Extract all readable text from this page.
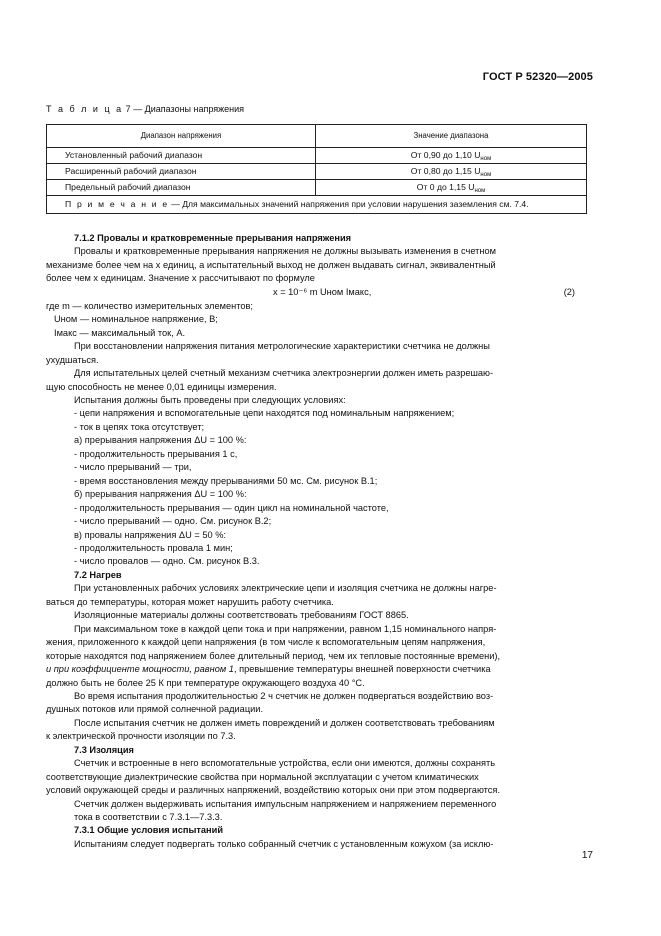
ГОСТ Р 52320—2005
Т а б л и ц а 7 — Диапазоны напряжения
Диапазон напряжения	Значение диапазона
Установленный рабочий диапазон	От 0,90 до 1,10 $U_{ном}$
Расширенный рабочий диапазон	От 0,80 до 1,15 $U_{ном}$
Предельный рабочий диапазон	От 0 до 1,15 $U_{ном}$
П р и м е ч а н и е — Для максимальных значений напряжения при условии нарушения заземления см. 7.4.	

7.1.2 Провалы и кратковременные прерывания напряжения

Провалы и кратковременные прерывания напряжения не должны вызывать изменения в счетном

механизме более чем на x единиц, а испытательный выход не должен выдавать сигнал, эквивалентный

более чем x единицам. Значение x рассчитывают по формуле

x = 10⁻⁶ m Uном Iмакс,	(2)

где m — количество измерительных элементов;

Uном — номинальное напряжение, В;

Iмакс — максимальный ток, А.

При восстановлении напряжения питания метрологические характеристики счетчика не должны

ухудшаться.

Для испытательных целей счетный механизм счетчика электроэнергии должен иметь разрешаю-

щую способность не менее 0,01 единицы измерения.

Испытания должны быть проведены при следующих условиях:

- цепи напряжения и вспомогательные цепи находятся под номинальным напряжением;

- ток в цепях тока отсутствует;

а) прерывания напряжения ΔU = 100 %:

- продолжительность прерывания 1 с,

- число прерываний — три,

- время восстановления между прерываниями 50 мс. См. рисунок В.1;

б) прерывания напряжения ΔU = 100 %:

- продолжительность прерывания — один цикл на номинальной частоте,

- число прерываний — одно. См. рисунок В.2;

в) провалы напряжения ΔU = 50 %:

- продолжительность провала 1 мин;

- число провалов — одно. См. рисунок В.3.

7.2 Нагрев

При установленных рабочих условиях электрические цепи и изоляция счетчика не должны нагре-

ваться до температуры, которая может нарушить работу счетчика.

Изоляционные материалы должны соответствовать требованиям ГОСТ 8865.

При максимальном токе в каждой цепи тока и при напряжении, равном 1,15 номинального напря-

жения, приложенного к каждой цепи напряжения (в том числе к вспомогательным цепям напряжения,

которые находятся под напряжением более длительный период, чем их тепловые постоянные времени),

и при коэффициенте мощности, равном 1, превышение температуры внешней поверхности счетчика

должно быть не более 25 К при температуре окружающего воздуха 40 °С.

Во время испытания продолжительностью 2 ч счетчик не должен подвергаться воздействию воз-

душных потоков или прямой солнечной радиации.

После испытания счетчик не должен иметь повреждений и должен соответствовать требованиям

к электрической прочности изоляции по 7.3.

7.3 Изоляция

Счетчик и встроенные в него вспомогательные устройства, если они имеются, должны сохранять

соответствующие диэлектрические свойства при нормальной эксплуатации с учетом климатических

условий окружающей среды и различных напряжений, воздействию которых они при этом подвергаются.

Счетчик должен выдерживать испытания импульсным напряжением и напряжением переменного

тока в соответствии с 7.3.1—7.3.3.

7.3.1 Общие условия испытаний

Испытаниям следует подвергать только собранный счетчик с установленным кожухом (за исклю-

17
